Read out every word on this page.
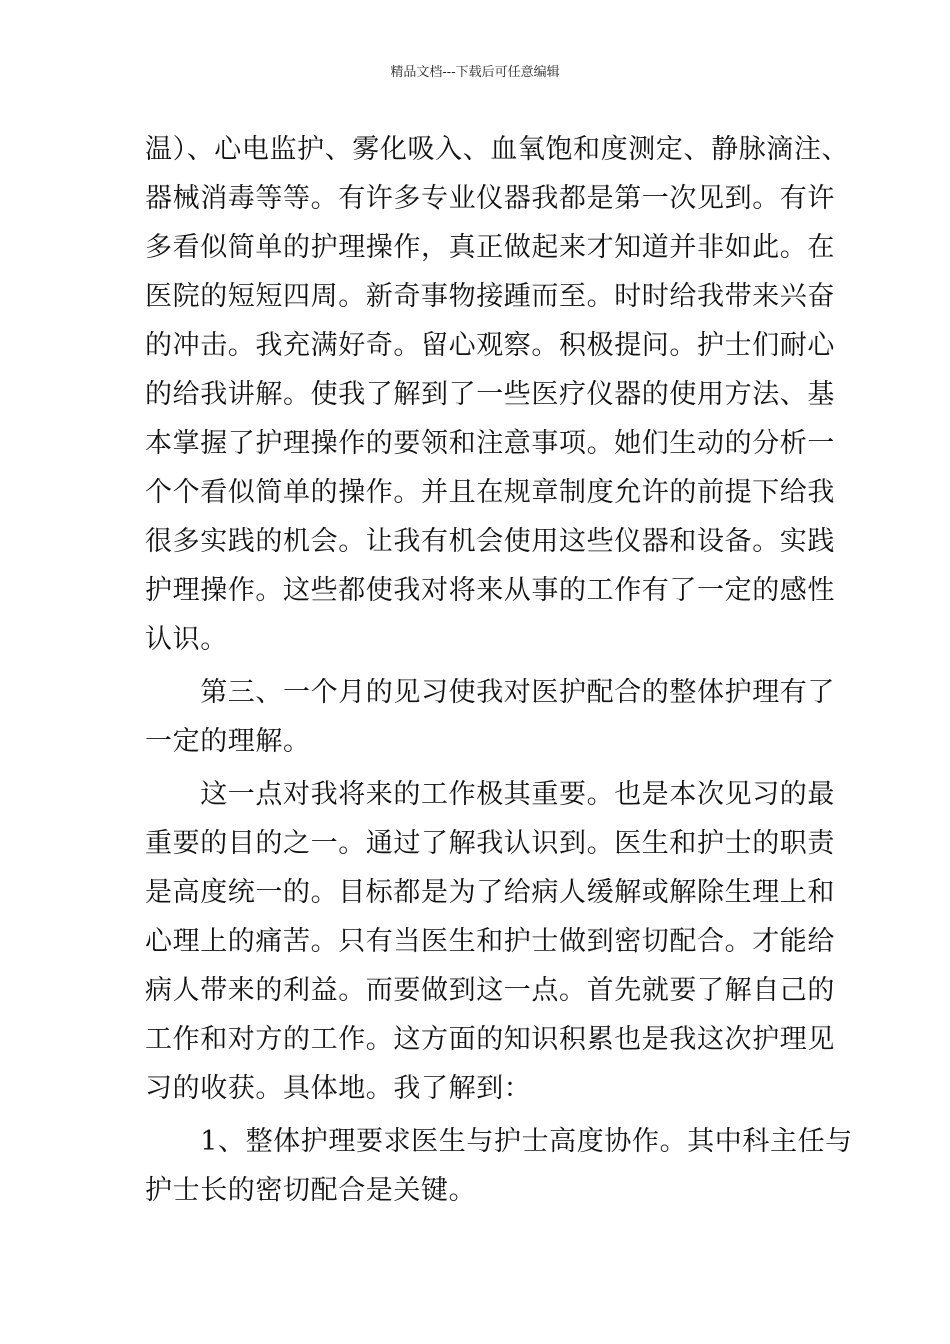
精品文档---下载后可任意编辑
温）、心电监护、雾化吸入、血氧饱和度测定、静脉滴注、
器械消毒等等。有许多专业仪器我都是第一次见到。有许
多看似简单的护理操作，真正做起来才知道并非如此。在
医院的短短四周。新奇事物接踵而至。时时给我带来兴奋
的冲击。我充满好奇。留心观察。积极提问。护士们耐心
的给我讲解。使我了解到了一些医疗仪器的使用方法、基
本掌握了护理操作的要领和注意事项。她们生动的分析一
个个看似简单的操作。并且在规章制度允许的前提下给我
很多实践的机会。让我有机会使用这些仪器和设备。实践
护理操作。这些都使我对将来从事的工作有了一定的感性
认识。
　　第三、一个月的见习使我对医护配合的整体护理有了
一定的理解。
　　这一点对我将来的工作极其重要。也是本次见习的最
重要的目的之一。通过了解我认识到。医生和护士的职责
是高度统一的。目标都是为了给病人缓解或解除生理上和
心理上的痛苦。只有当医生和护士做到密切配合。才能给
病人带来的利益。而要做到这一点。首先就要了解自己的
工作和对方的工作。这方面的知识积累也是我这次护理见
习的收获。具体地。我了解到：
　　1、整体护理要求医生与护士高度协作。其中科主任与
护士长的密切配合是关键。
